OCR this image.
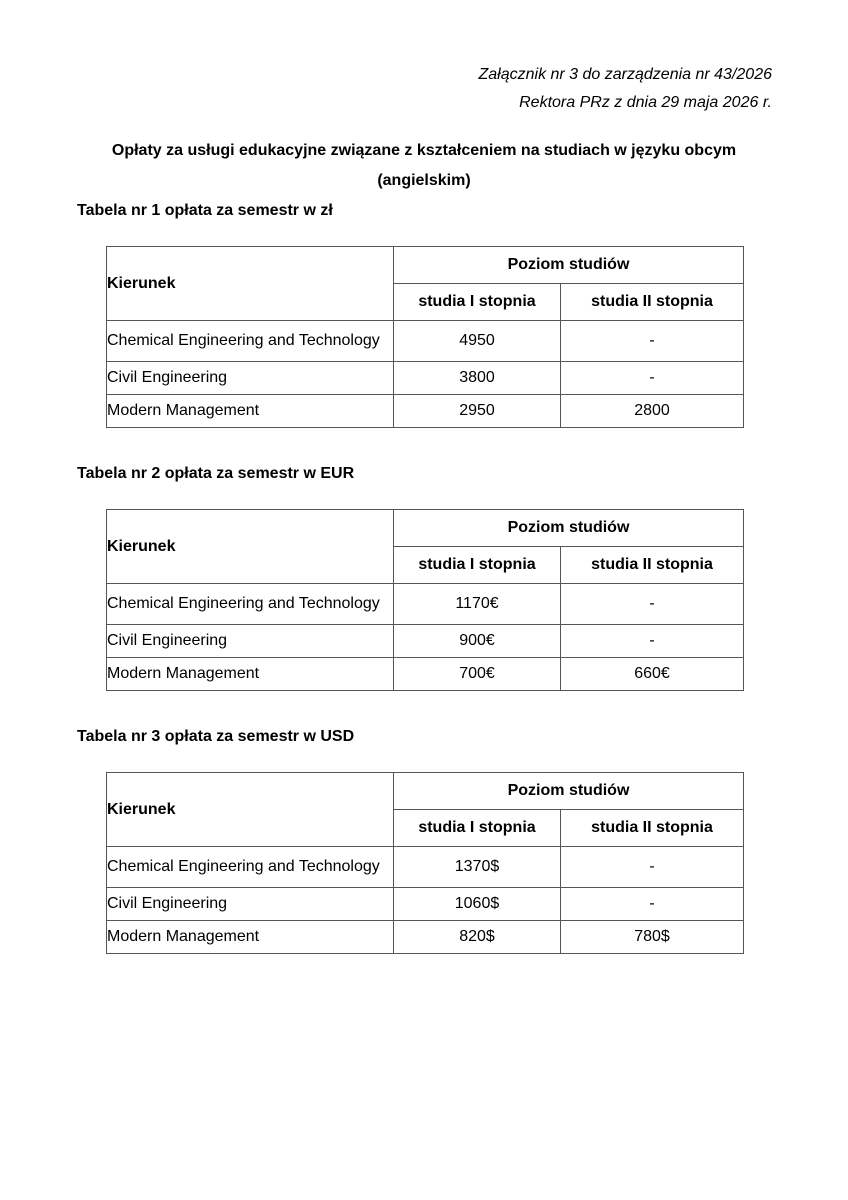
Załącznik nr 3 do zarządzenia nr 43/2026
Rektora PRz z dnia 29 maja 2026 r.
Opłaty za usługi edukacyjne związane z kształceniem na studiach w języku obcym
(angielskim)
Tabela nr 1 opłata za semestr w zł
Kierunek	Poziom studiów	
	studia I stopnia	studia II stopnia
Chemical Engineering and Technology	4950	-
Civil Engineering	3800	-
Modern Management	2950	2800
Tabela nr 2 opłata za semestr w EUR
Kierunek	Poziom studiów	
	studia I stopnia	studia II stopnia
Chemical Engineering and Technology	1170€	-
Civil Engineering	900€	-
Modern Management	700€	660€
Tabela nr 3 opłata za semestr w USD
Kierunek	Poziom studiów	
	studia I stopnia	studia II stopnia
Chemical Engineering and Technology	1370$	-
Civil Engineering	1060$	-
Modern Management	820$	780$
